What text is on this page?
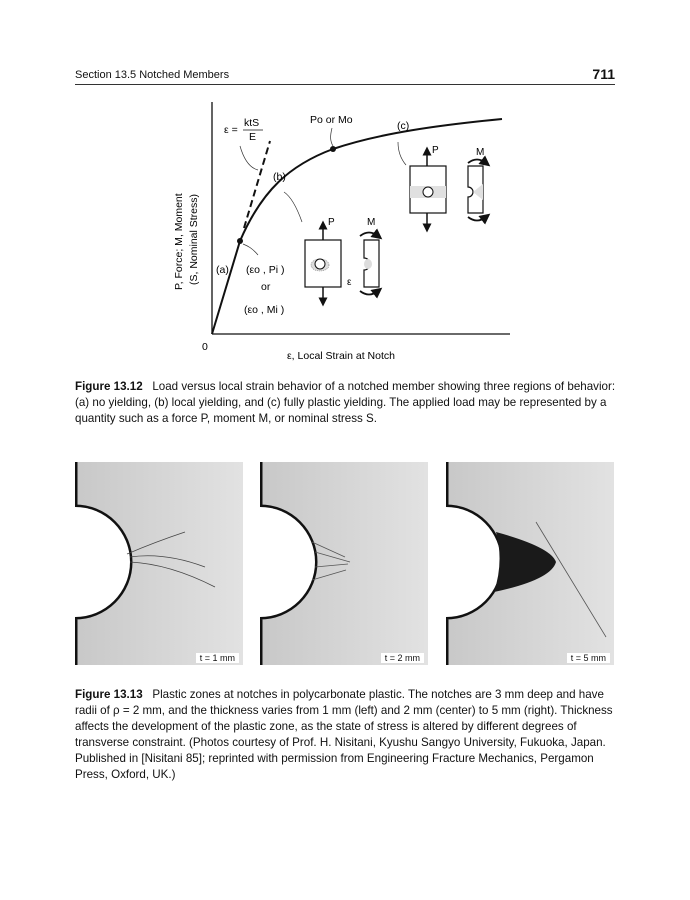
Section 13.5 Notched Members	711
P, Force; M, Moment (S, Nominal Stress)
0
ε, Local Strain at Notch
ε =
ktS
E
Po or Mo	(c)
(b)
(a) (εo , Pi )
or
(εo , Mi )
P	M
ε
P	M
Figure 13.12 Load versus local strain behavior of a notched member showing three regions of behavior: (a) no yielding, (b) local yielding, and (c) fully plastic yielding. The applied load may be represented by a quantity such as a force P, moment M, or nominal stress S.
t = 1 mm	t = 2 mm	t = 5 mm
Figure 13.13 Plastic zones at notches in polycarbonate plastic. The notches are 3 mm deep and have radii of ρ = 2 mm, and the thickness varies from 1 mm (left) and 2 mm (center) to 5 mm (right). Thickness affects the development of the plastic zone, as the state of stress is altered by different degrees of transverse constraint. (Photos courtesy of Prof. H. Nisitani, Kyushu Sangyo University, Fukuoka, Japan. Published in [Nisitani 85]; reprinted with permission from Engineering Fracture Mechanics, Pergamon Press, Oxford, UK.)
